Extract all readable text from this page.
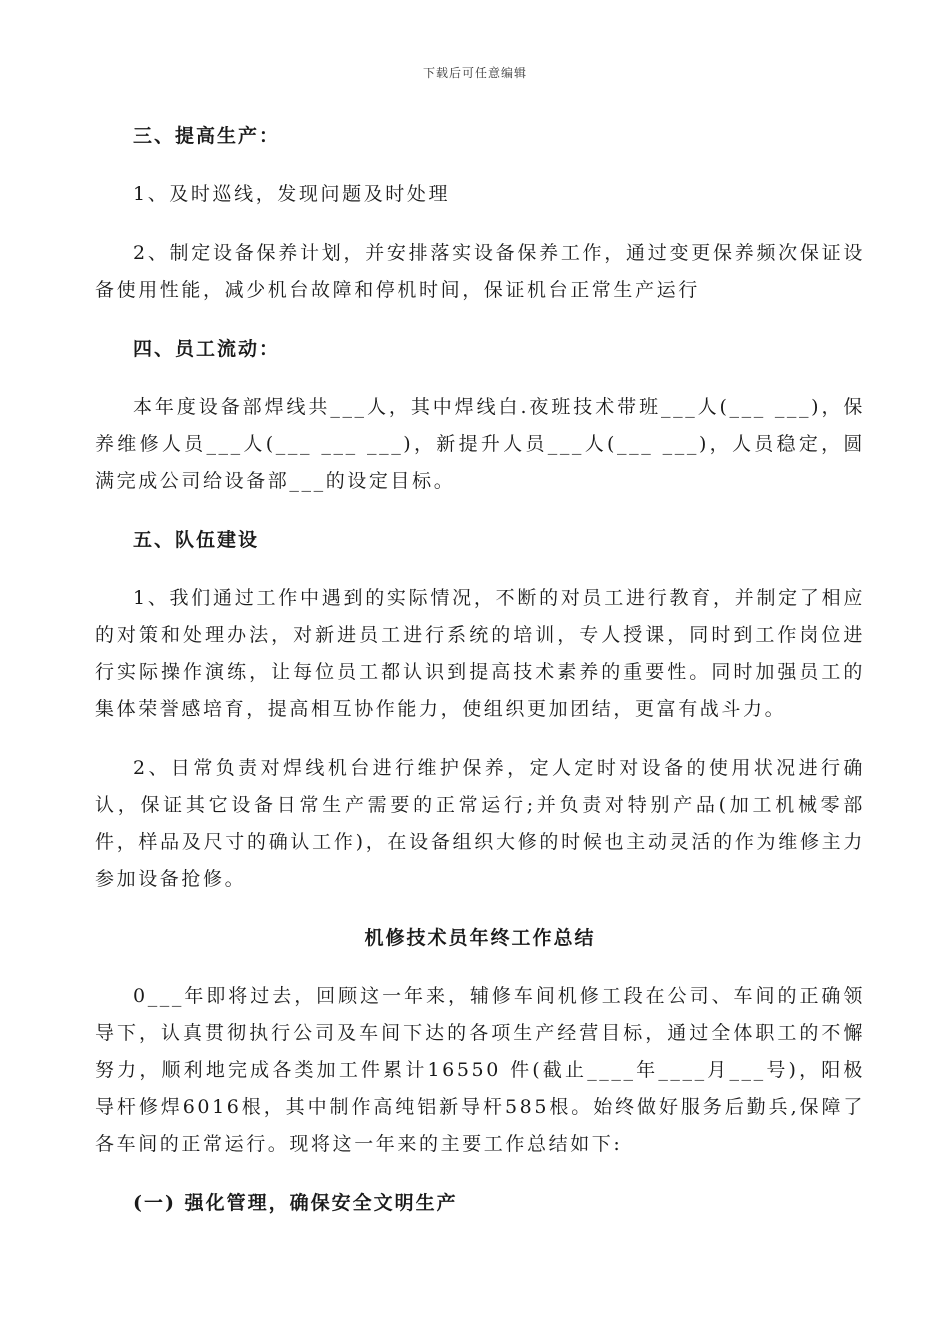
下载后可任意编辑

三、提高生产：

1、及时巡线，发现问题及时处理

2、制定设备保养计划，并安排落实设备保养工作，通过变更保养频次保证设备使用性能，减少机台故障和停机时间，保证机台正常生产运行

四、员工流动：

本年度设备部焊线共___人，其中焊线白.夜班技术带班___人(___ ___)，保养维修人员___人(___ ___ ___)，新提升人员___人(___ ___)，人员稳定，圆满完成公司给设备部___的设定目标。

五、队伍建设

1、我们通过工作中遇到的实际情况，不断的对员工进行教育，并制定了相应的对策和处理办法，对新进员工进行系统的培训，专人授课，同时到工作岗位进行实际操作演练，让每位员工都认识到提高技术素养的重要性。同时加强员工的集体荣誉感培育，提高相互协作能力，使组织更加团结，更富有战斗力。

2、日常负责对焊线机台进行维护保养，定人定时对设备的使用状况进行确认，保证其它设备日常生产需要的正常运行;并负责对特别产品(加工机械零部件，样品及尺寸的确认工作)，在设备组织大修的时候也主动灵活的作为维修主力参加设备抢修。

机修技术员年终工作总结

0___年即将过去，回顾这一年来，辅修车间机修工段在公司、车间的正确领导下，认真贯彻执行公司及车间下达的各项生产经营目标，通过全体职工的不懈努力，顺利地完成各类加工件累计16550 件(截止____年____月___号)，阳极导杆修焊6016根，其中制作高纯铝新导杆585根。始终做好服务后勤兵,保障了各车间的正常运行。现将这一年来的主要工作总结如下:

(一) 强化管理，确保安全文明生产
